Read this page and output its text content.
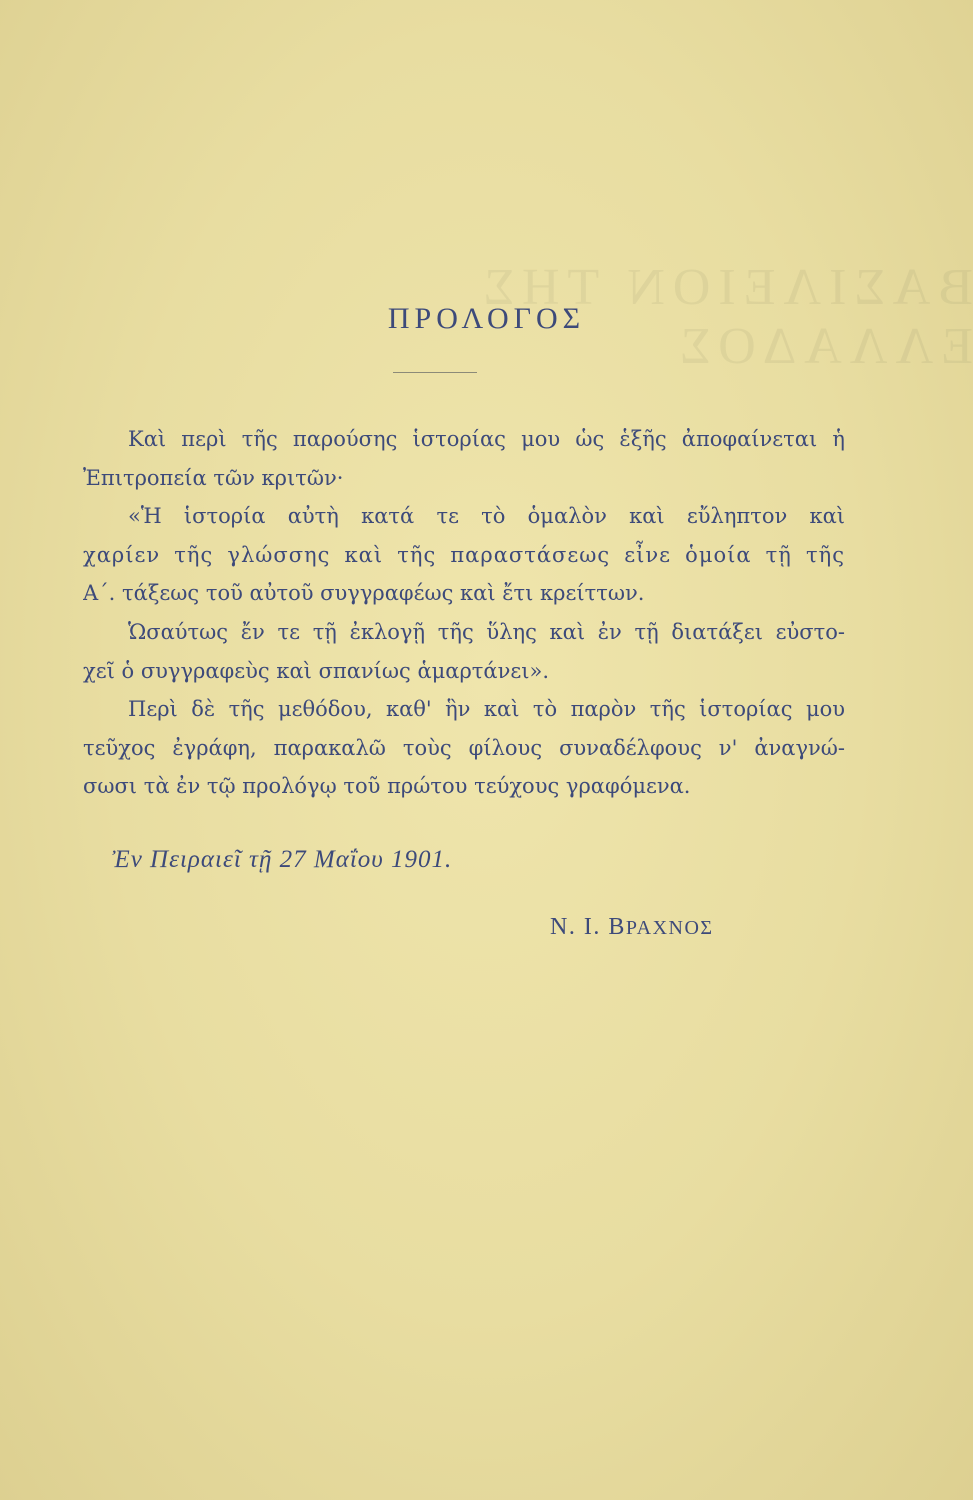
ΒΑΣΙΛΕΙΟΝ ΤΗΣ ΕΛΛΑΔΟΣ
ΠΡΟΛΟΓΟΣ
Καὶ περὶ τῆς παρούσης ἱστορίας μου ὡς ἑξῆς ἀποφαίνεται ἡ
Ἐπιτροπεία τῶν κριτῶν·
«Ἡ ἱστορία αὐτὴ κατά τε τὸ ὁμαλὸν καὶ εὔληπτον καὶ
χαρίεν τῆς γλώσσης καὶ τῆς παραστάσεως εἶνε ὁμοία τῇ τῆς
Α΄. τάξεως τοῦ αὐτοῦ συγγραφέως καὶ ἔτι κρείττων.
Ὡσαύτως ἔν τε τῇ ἐκλογῇ τῆς ὕλης καὶ ἐν τῇ διατάξει εὐστο-
χεῖ ὁ συγγραφεὺς καὶ σπανίως ἁμαρτάνει».
Περὶ δὲ τῆς μεθόδου, καθ' ἣν καὶ τὸ παρὸν τῆς ἱστορίας μου
τεῦχος ἐγράφη, παρακαλῶ τοὺς φίλους συναδέλφους ν' ἀναγνώ-
σωσι τὰ ἐν τῷ προλόγῳ τοῦ πρώτου τεύχους γραφόμενα.
Ἐν Πειραιεῖ τῇ 27 Μαΐου 1901.
Ν. Ι. ΒΡΑΧΝΟΣ
